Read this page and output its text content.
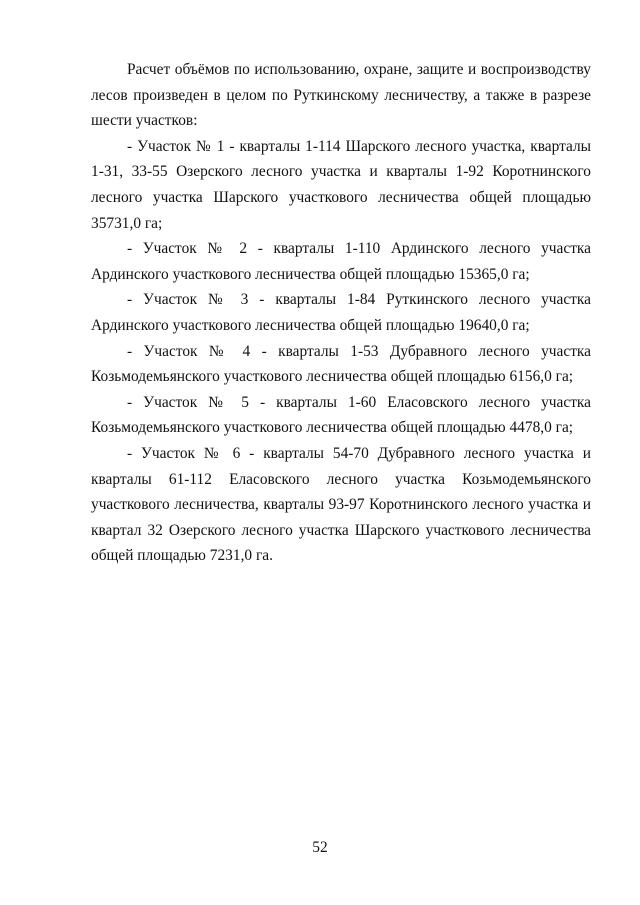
Расчет объёмов по использованию, охране, защите и воспроизводству лесов произведен в целом по Руткинскому лесничеству, а также в разрезе шести участков:

- Участок № 1 - кварталы 1-114 Шарского лесного участка, кварталы 1-31, 33-55 Озерского лесного участка и кварталы 1-92 Коротнинского лесного участка Шарского участкового лесничества общей площадью 35731,0 га;

- Участок № 2 - кварталы 1-110 Ардинского лесного участка Ардинского участкового лесничества общей площадью 15365,0 га;

- Участок № 3 - кварталы 1-84 Руткинского лесного участка Ардинского участкового лесничества общей площадью 19640,0 га;

- Участок № 4 - кварталы 1-53 Дубравного лесного участка Козьмодемьянского участкового лесничества общей площадью 6156,0 га;

- Участок № 5 - кварталы 1-60 Еласовского лесного участка Козьмодемьянского участкового лесничества общей площадью 4478,0 га;

- Участок № 6 - кварталы 54-70 Дубравного лесного участка и кварталы 61-112 Еласовского лесного участка Козьмодемьянского участкового лесничества, кварталы 93-97 Коротнинского лесного участка и квартал 32 Озерского лесного участка Шарского участкового лесничества общей площадью 7231,0 га.

52
